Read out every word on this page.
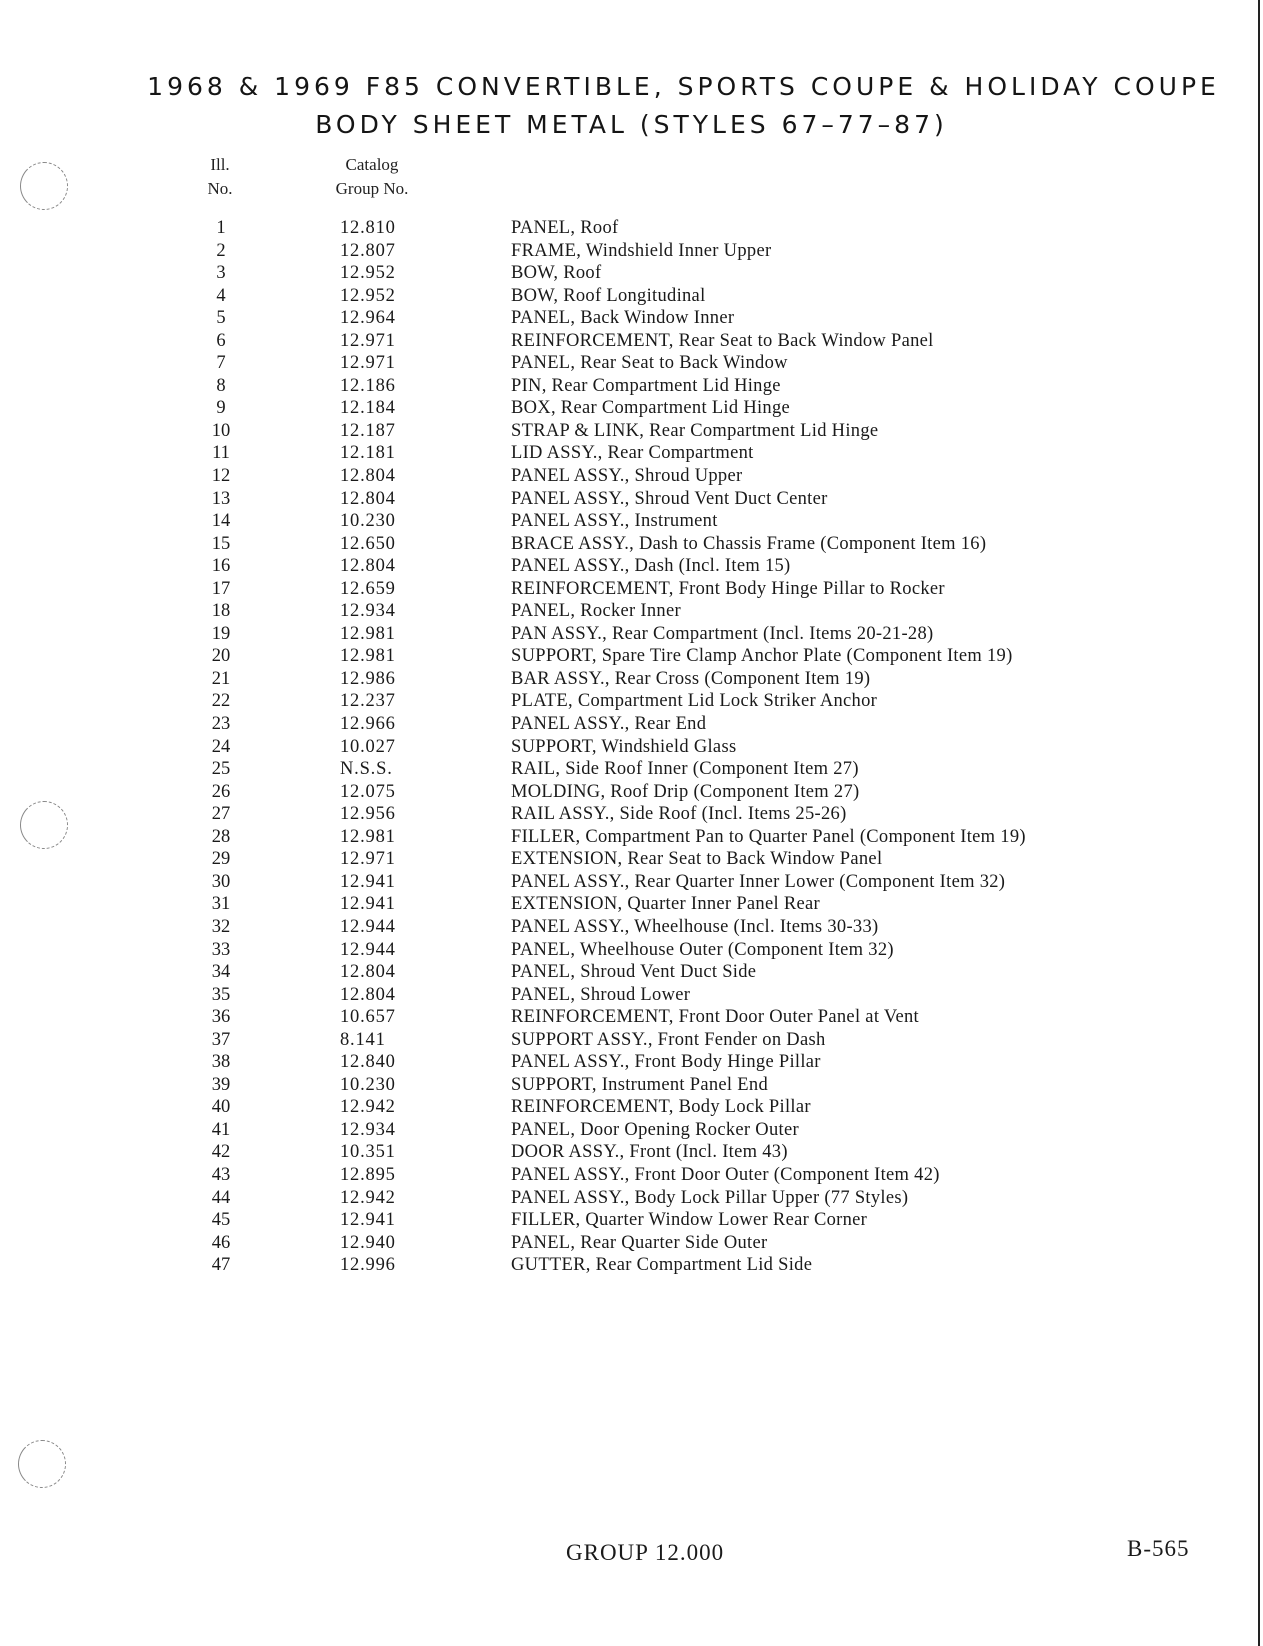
1968 & 1969 F85 CONVERTIBLE, SPORTS COUPE & HOLIDAY COUPE
BODY SHEET METAL (STYLES 67–77–87)
Ill.
No.
Catalog
Group No.
1	12.810	PANEL, Roof
2	12.807	FRAME, Windshield Inner Upper
3	12.952	BOW, Roof
4	12.952	BOW, Roof Longitudinal
5	12.964	PANEL, Back Window Inner
6	12.971	REINFORCEMENT, Rear Seat to Back Window Panel
7	12.971	PANEL, Rear Seat to Back Window
8	12.186	PIN, Rear Compartment Lid Hinge
9	12.184	BOX, Rear Compartment Lid Hinge
10	12.187	STRAP & LINK, Rear Compartment Lid Hinge
11	12.181	LID ASSY., Rear Compartment
12	12.804	PANEL ASSY., Shroud Upper
13	12.804	PANEL ASSY., Shroud Vent Duct Center
14	10.230	PANEL ASSY., Instrument
15	12.650	BRACE ASSY., Dash to Chassis Frame (Component Item 16)
16	12.804	PANEL ASSY., Dash (Incl. Item 15)
17	12.659	REINFORCEMENT, Front Body Hinge Pillar to Rocker
18	12.934	PANEL, Rocker Inner
19	12.981	PAN ASSY., Rear Compartment (Incl. Items 20-21-28)
20	12.981	SUPPORT, Spare Tire Clamp Anchor Plate (Component Item 19)
21	12.986	BAR ASSY., Rear Cross (Component Item 19)
22	12.237	PLATE, Compartment Lid Lock Striker Anchor
23	12.966	PANEL ASSY., Rear End
24	10.027	SUPPORT, Windshield Glass
25	N.S.S.	RAIL, Side Roof Inner (Component Item 27)
26	12.075	MOLDING, Roof Drip (Component Item 27)
27	12.956	RAIL ASSY., Side Roof (Incl. Items 25-26)
28	12.981	FILLER, Compartment Pan to Quarter Panel (Component Item 19)
29	12.971	EXTENSION, Rear Seat to Back Window Panel
30	12.941	PANEL ASSY., Rear Quarter Inner Lower (Component Item 32)
31	12.941	EXTENSION, Quarter Inner Panel Rear
32	12.944	PANEL ASSY., Wheelhouse (Incl. Items 30-33)
33	12.944	PANEL, Wheelhouse Outer (Component Item 32)
34	12.804	PANEL, Shroud Vent Duct Side
35	12.804	PANEL, Shroud Lower
36	10.657	REINFORCEMENT, Front Door Outer Panel at Vent
37	8.141	SUPPORT ASSY., Front Fender on Dash
38	12.840	PANEL ASSY., Front Body Hinge Pillar
39	10.230	SUPPORT, Instrument Panel End
40	12.942	REINFORCEMENT, Body Lock Pillar
41	12.934	PANEL, Door Opening Rocker Outer
42	10.351	DOOR ASSY., Front (Incl. Item 43)
43	12.895	PANEL ASSY., Front Door Outer (Component Item 42)
44	12.942	PANEL ASSY., Body Lock Pillar Upper (77 Styles)
45	12.941	FILLER, Quarter Window Lower Rear Corner
46	12.940	PANEL, Rear Quarter Side Outer
47	12.996	GUTTER, Rear Compartment Lid Side
GROUP 12.000	B-565
